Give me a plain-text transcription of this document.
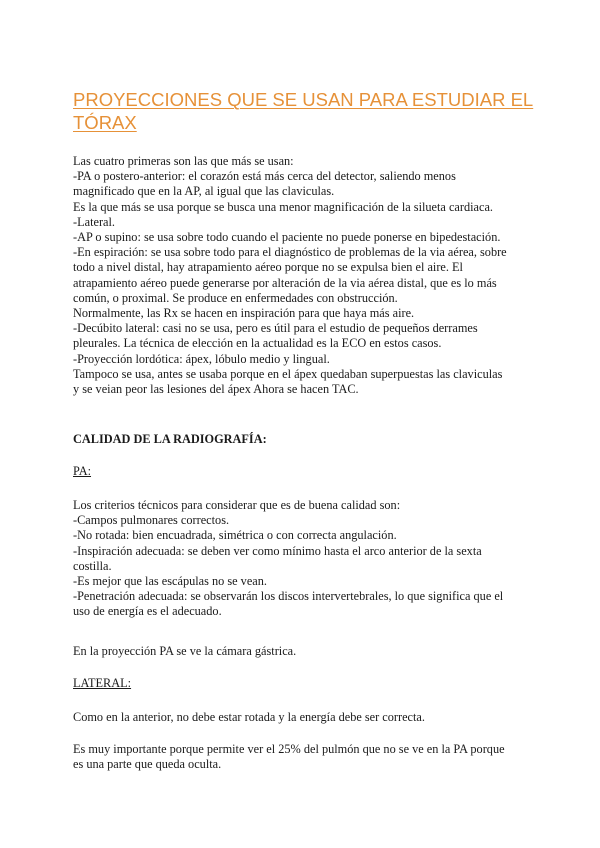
PROYECCIONES QUE SE USAN PARA ESTUDIAR EL TÓRAX
Las cuatro primeras son las que más se usan:
-PA o postero-anterior: el corazón está más cerca del detector, saliendo menos
magnificado que en la AP, al igual que las claviculas.
Es la que más se usa porque se busca una menor magnificación de la silueta cardiaca.
-Lateral.
-AP o supino: se usa sobre todo cuando el paciente no puede ponerse en bipedestación.
-En espiración: se usa sobre todo para el diagnóstico de problemas de la via aérea, sobre
todo a nivel distal, hay atrapamiento aéreo porque no se expulsa bien el aire. El
atrapamiento aéreo puede generarse por alteración de la via aérea distal, que es lo más
común, o proximal. Se produce en enfermedades con obstrucción.
Normalmente, las Rx se hacen en inspiración para que haya más aire.
-Decúbito lateral: casi no se usa, pero es útil para el estudio de pequeños derrames
pleurales. La técnica de elección en la actualidad es la ECO en estos casos.
-Proyección lordótica: ápex, lóbulo medio y lingual.
Tampoco se usa, antes se usaba porque en el ápex quedaban superpuestas las claviculas
y se veian peor las lesiones del ápex Ahora se hacen TAC.
CALIDAD DE LA RADIOGRAFÍA:
PA:
Los criterios técnicos para considerar que es de buena calidad son:
-Campos pulmonares correctos.
-No rotada: bien encuadrada, simétrica o con correcta angulación.
-Inspiración adecuada: se deben ver como mínimo hasta el arco anterior de la sexta
costilla.
-Es mejor que las escápulas no se vean.
-Penetración adecuada: se observarán los discos intervertebrales, lo que significa que el
uso de energía es el adecuado.
En la proyección PA se ve la cámara gástrica.
LATERAL:
Como en la anterior, no debe estar rotada y la energía debe ser correcta.
Es muy importante porque permite ver el 25% del pulmón que no se ve en la PA porque
es una parte que queda oculta.
